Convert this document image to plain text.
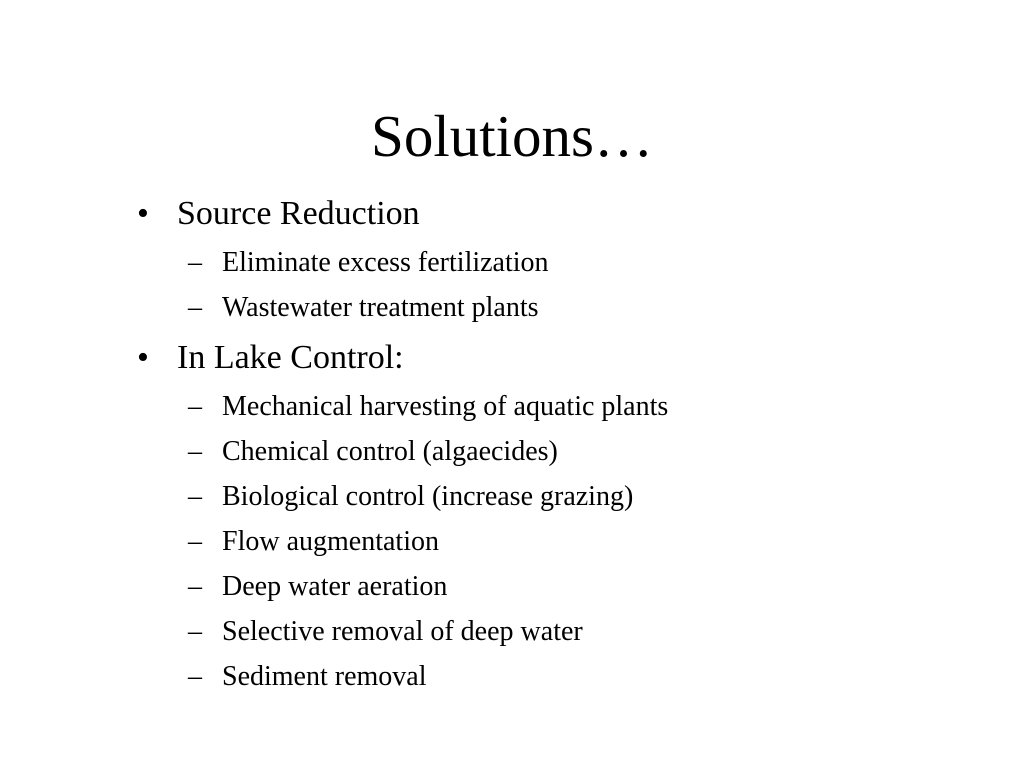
Solutions…
• Source Reduction
– Eliminate excess fertilization
– Wastewater treatment plants
• In Lake Control:
– Mechanical harvesting of aquatic plants
– Chemical control (algaecides)
– Biological control (increase grazing)
– Flow augmentation
– Deep water aeration
– Selective removal of deep water
– Sediment removal
